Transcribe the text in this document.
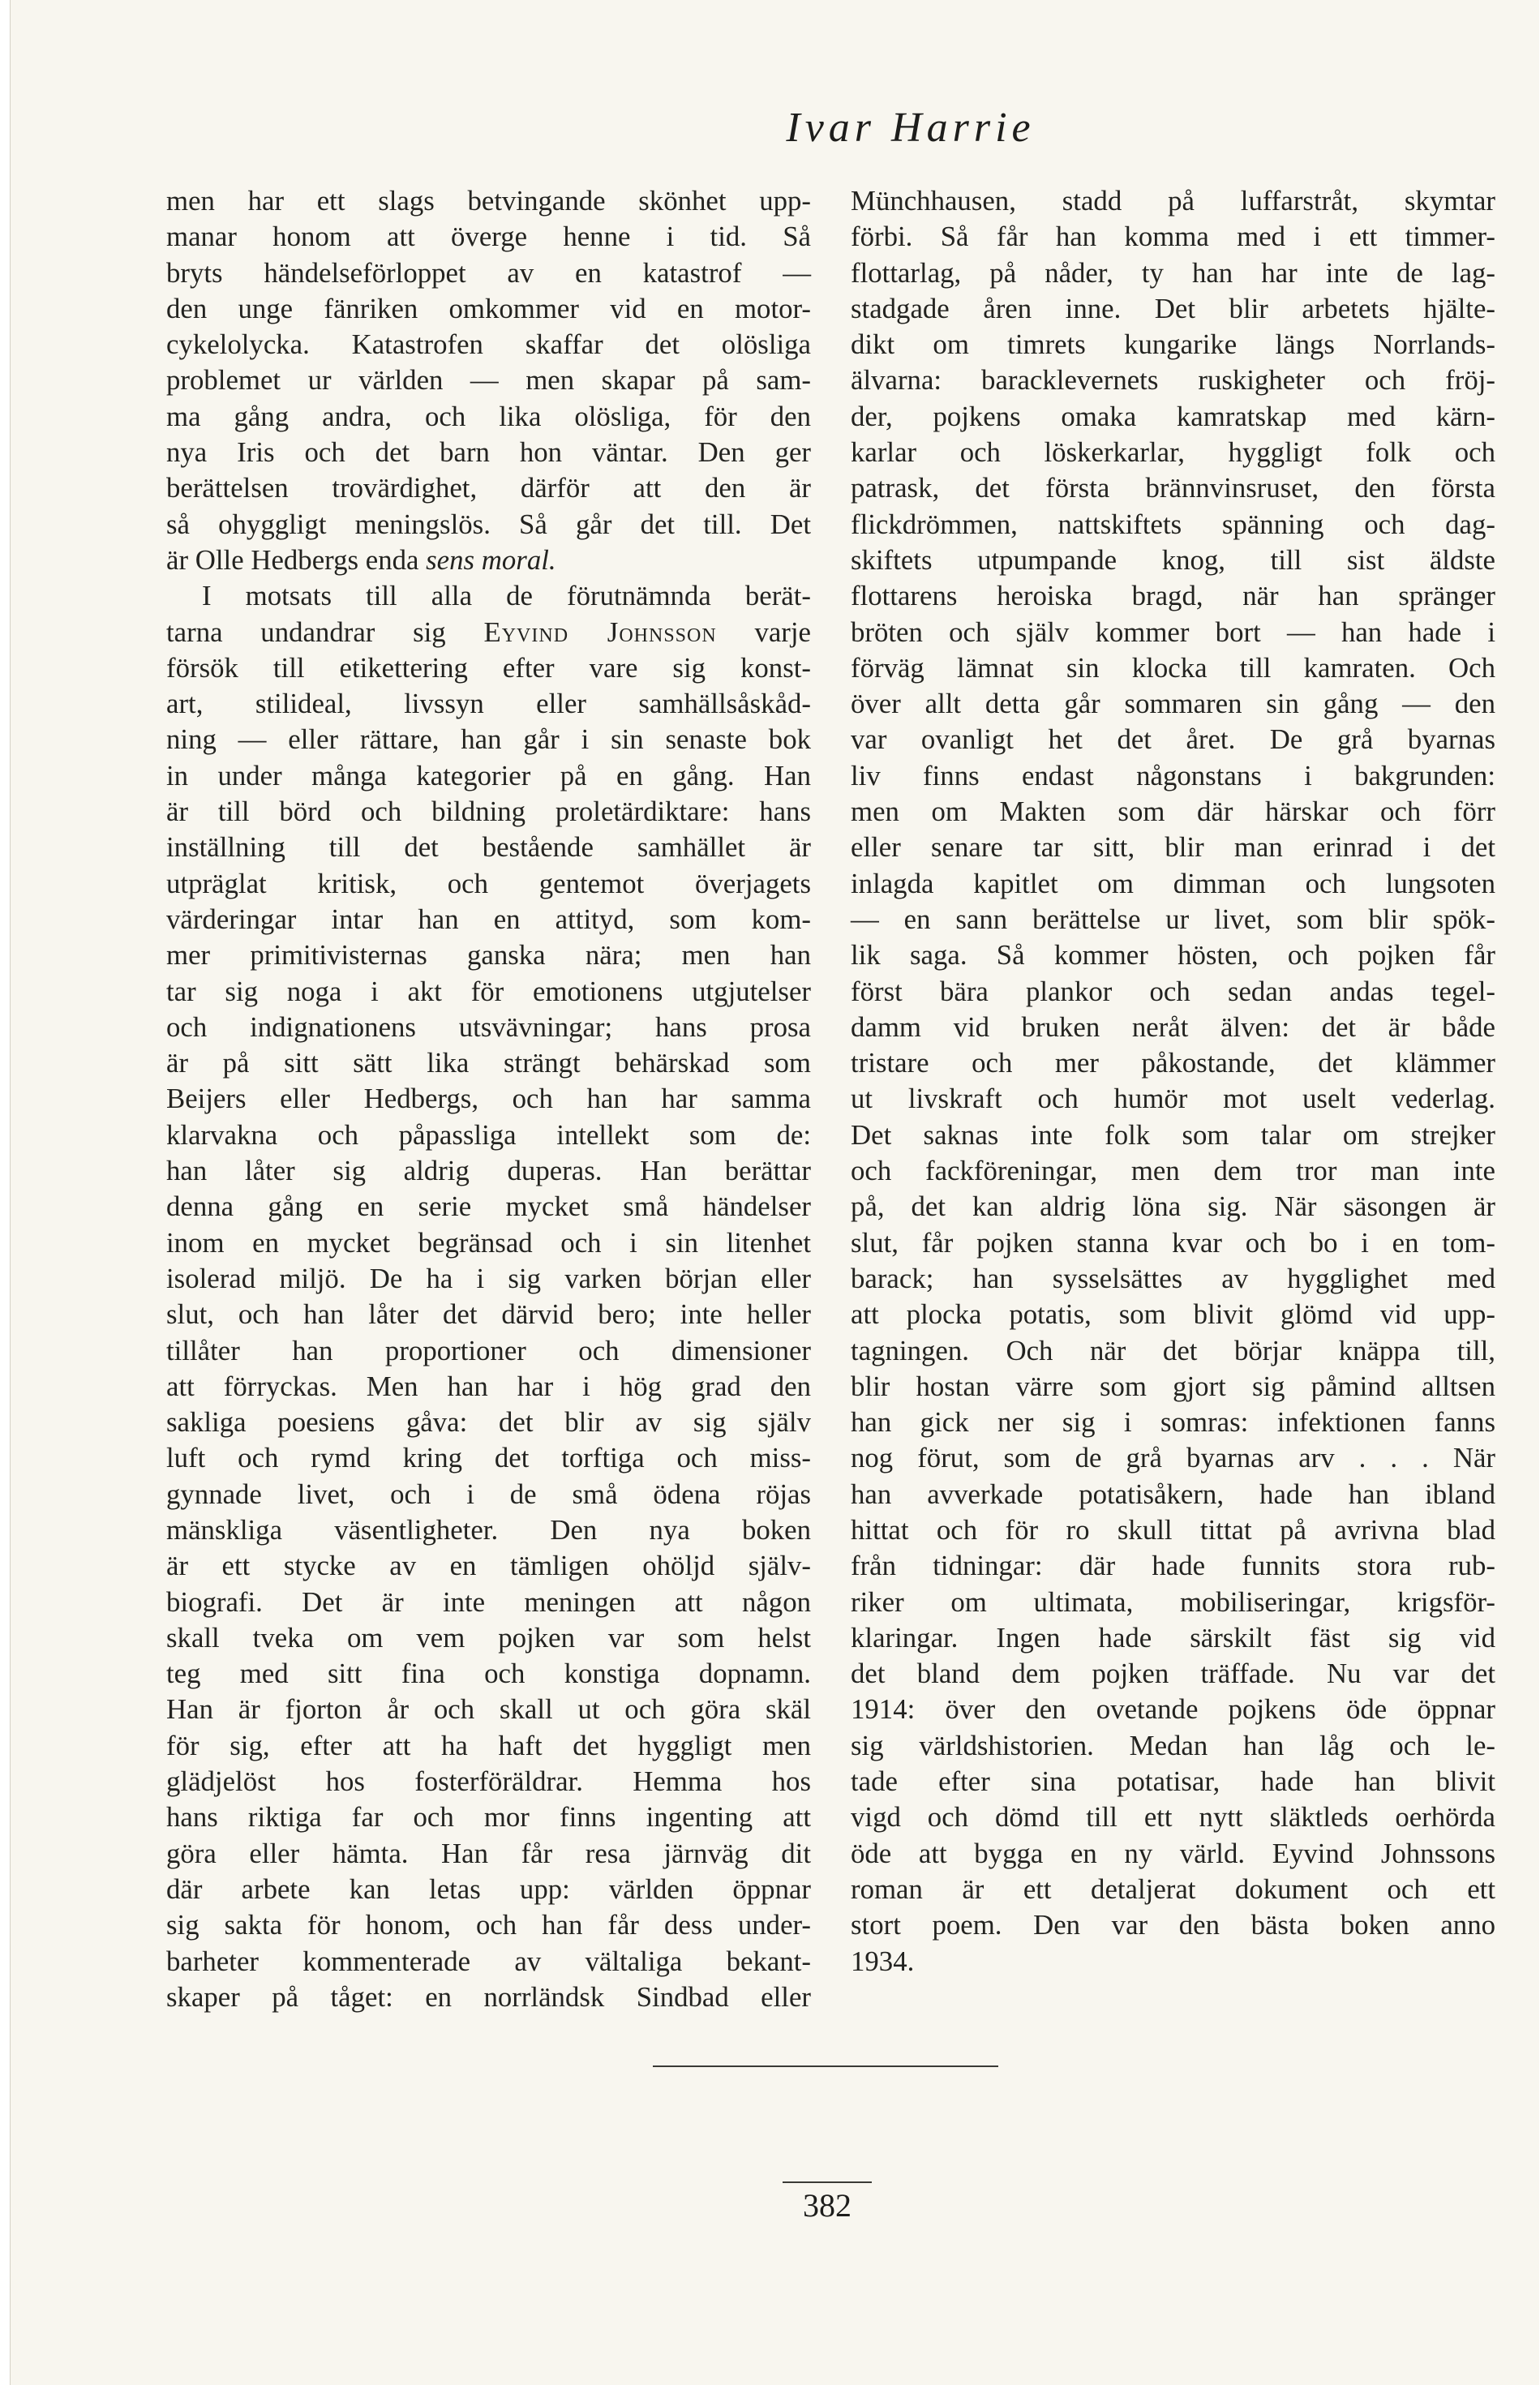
Ivar Harrie
men har ett slags betvingande skönhet upp-
manar honom att överge henne i tid. Så
bryts händelseförloppet av en katastrof —
den unge fänriken omkommer vid en motor-
cykelolycka. Katastrofen skaffar det olösliga
problemet ur världen — men skapar på sam-
ma gång andra, och lika olösliga, för den
nya Iris och det barn hon väntar. Den ger
berättelsen trovärdighet, därför att den är
så ohyggligt meningslös. Så går det till. Det
är Olle Hedbergs enda sens moral.
I motsats till alla de förutnämnda berät-
tarna undandrar sig Eyvind Johnsson varje
försök till etikettering efter vare sig konst-
art, stilideal, livssyn eller samhällsåskåd-
ning — eller rättare, han går i sin senaste bok
in under många kategorier på en gång. Han
är till börd och bildning proletärdiktare: hans
inställning till det bestående samhället är
utpräglat kritisk, och gentemot överjagets
värderingar intar han en attityd, som kom-
mer primitivisternas ganska nära; men han
tar sig noga i akt för emotionens utgjutelser
och indignationens utsvävningar; hans prosa
är på sitt sätt lika strängt behärskad som
Beijers eller Hedbergs, och han har samma
klarvakna och påpassliga intellekt som de:
han låter sig aldrig duperas. Han berättar
denna gång en serie mycket små händelser
inom en mycket begränsad och i sin litenhet
isolerad miljö. De ha i sig varken början eller
slut, och han låter det därvid bero; inte heller
tillåter han proportioner och dimensioner
att förryckas. Men han har i hög grad den
sakliga poesiens gåva: det blir av sig själv
luft och rymd kring det torftiga och miss-
gynnade livet, och i de små ödena röjas
mänskliga väsentligheter. Den nya boken
är ett stycke av en tämligen ohöljd själv-
biografi. Det är inte meningen att någon
skall tveka om vem pojken var som helst
teg med sitt fina och konstiga dopnamn.
Han är fjorton år och skall ut och göra skäl
för sig, efter att ha haft det hyggligt men
glädjelöst hos fosterföräldrar. Hemma hos
hans riktiga far och mor finns ingenting att
göra eller hämta. Han får resa järnväg dit
där arbete kan letas upp: världen öppnar
sig sakta för honom, och han får dess under-
barheter kommenterade av vältaliga bekant-
skaper på tåget: en norrländsk Sindbad eller
Münchhausen, stadd på luffarstråt, skymtar
förbi. Så får han komma med i ett timmer-
flottarlag, på nåder, ty han har inte de lag-
stadgade åren inne. Det blir arbetets hjälte-
dikt om timrets kungarike längs Norrlands-
älvarna: baracklevernets ruskigheter och fröj-
der, pojkens omaka kamratskap med kärn-
karlar och löskerkarlar, hyggligt folk och
patrask, det första brännvinsruset, den första
flickdrömmen, nattskiftets spänning och dag-
skiftets utpumpande knog, till sist äldste
flottarens heroiska bragd, när han spränger
bröten och själv kommer bort — han hade i
förväg lämnat sin klocka till kamraten. Och
över allt detta går sommaren sin gång — den
var ovanligt het det året. De grå byarnas
liv finns endast någonstans i bakgrunden:
men om Makten som där härskar och förr
eller senare tar sitt, blir man erinrad i det
inlagda kapitlet om dimman och lungsoten
— en sann berättelse ur livet, som blir spök-
lik saga. Så kommer hösten, och pojken får
först bära plankor och sedan andas tegel-
damm vid bruken neråt älven: det är både
tristare och mer påkostande, det klämmer
ut livskraft och humör mot uselt vederlag.
Det saknas inte folk som talar om strejker
och fackföreningar, men dem tror man inte
på, det kan aldrig löna sig. När säsongen är
slut, får pojken stanna kvar och bo i en tom-
barack; han sysselsättes av hygglighet med
att plocka potatis, som blivit glömd vid upp-
tagningen. Och när det börjar knäppa till,
blir hostan värre som gjort sig påmind alltsen
han gick ner sig i somras: infektionen fanns
nog förut, som de grå byarnas arv . . . När
han avverkade potatisåkern, hade han ibland
hittat och för ro skull tittat på avrivna blad
från tidningar: där hade funnits stora rub-
riker om ultimata, mobiliseringar, krigsför-
klaringar. Ingen hade särskilt fäst sig vid
det bland dem pojken träffade. Nu var det
1914: över den ovetande pojkens öde öppnar
sig världshistorien. Medan han låg och le-
tade efter sina potatisar, hade han blivit
vigd och dömd till ett nytt släktleds oerhörda
öde att bygga en ny värld. Eyvind Johnssons
roman är ett detaljerat dokument och ett
stort poem. Den var den bästa boken anno
1934.
382
